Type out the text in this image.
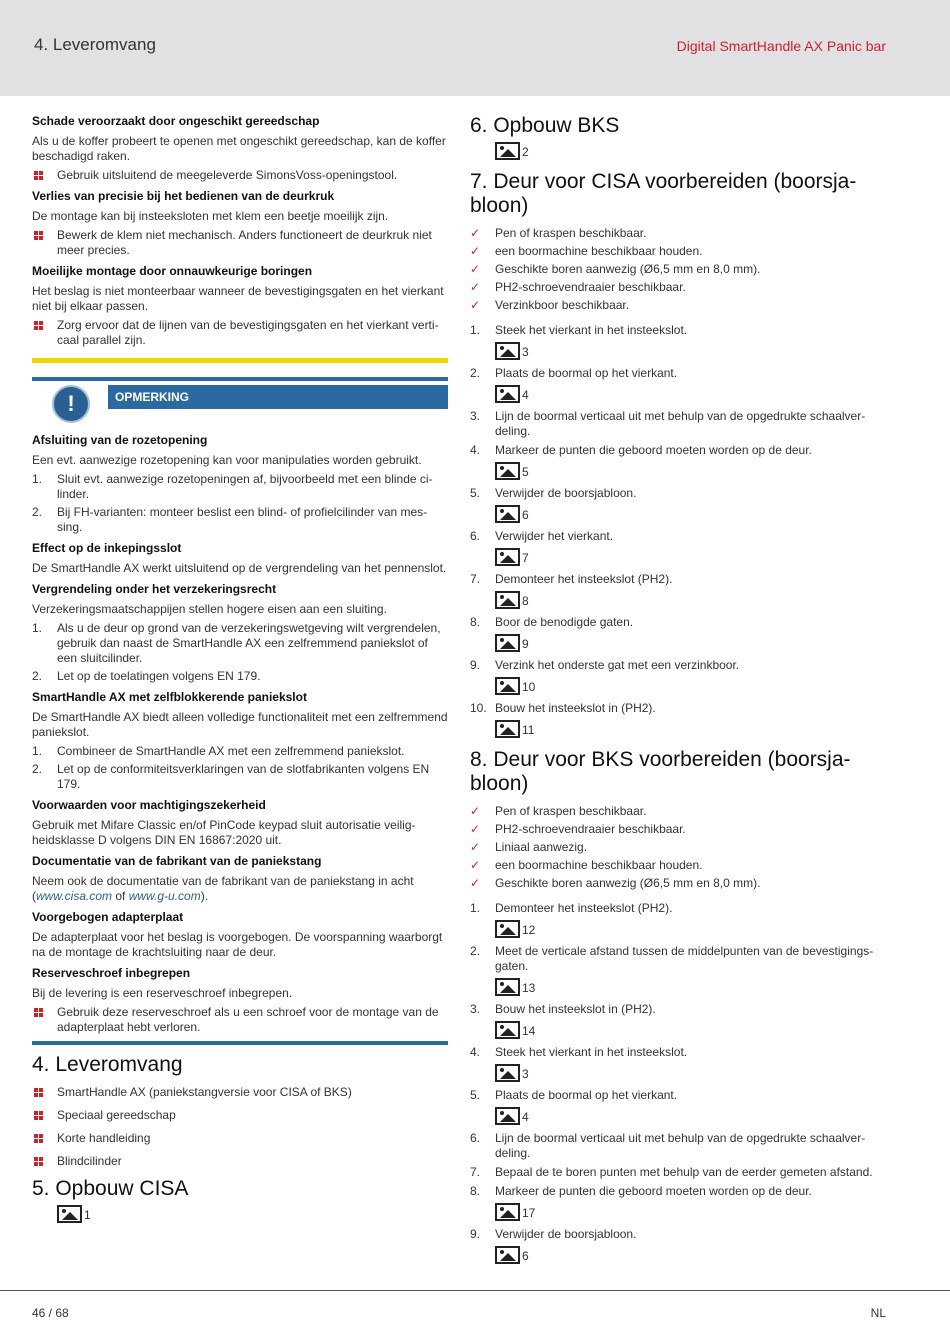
4. Leveromvang	Digital SmartHandle AX Panic bar
Schade veroorzaakt door ongeschikt gereedschap
Als u de koffer probeert te openen met ongeschikt gereedschap, kan de koffer beschadigd raken.
Gebruik uitsluitend de meegeleverde SimonsVoss-openingstool.
Verlies van precisie bij het bedienen van de deurkruk
De montage kan bij insteeksloten met klem een beetje moeilijk zijn.
Bewerk de klem niet mechanisch. Anders functioneert de deurkruk niet meer precies.
Moeilijke montage door onnauwkeurige boringen
Het beslag is niet monteerbaar wanneer de bevestigingsgaten en het vierkant niet bij elkaar passen.
Zorg ervoor dat de lijnen van de bevestigingsgaten en het vierkant verticaal parallel zijn.
!	OPMERKING
Afsluiting van de rozetopening
Een evt. aanwezige rozetopening kan voor manipulaties worden gebruikt.
1. Sluit evt. aanwezige rozetopeningen af, bijvoorbeeld met een blinde cilinder.
2. Bij FH-varianten: monteer beslist een blind- of profielcilinder van messing.
Effect op de inkepingsslot
De SmartHandle AX werkt uitsluitend op de vergrendeling van het pennenslot.
Vergrendeling onder het verzekeringsrecht
Verzekeringsmaatschappijen stellen hogere eisen aan een sluiting.
1. Als u de deur op grond van de verzekeringswetgeving wilt vergrendelen, gebruik dan naast de SmartHandle AX een zelfremmend paniekslot of een sluitcilinder.
2. Let op de toelatingen volgens EN 179.
SmartHandle AX met zelfblokkerende paniekslot
De SmartHandle AX biedt alleen volledige functionaliteit met een zelfremmend paniekslot.
1. Combineer de SmartHandle AX met een zelfremmend paniekslot.
2. Let op de conformiteitsverklaringen van de slotfabrikanten volgens EN 179.
Voorwaarden voor machtigingszekerheid
Gebruik met Mifare Classic en/of PinCode keypad sluit autorisatie veiligheidsklasse D volgens DIN EN 16867:2020 uit.
Documentatie van de fabrikant van de paniekstang
Neem ook de documentatie van de fabrikant van de paniekstang in acht (www.cisa.com of www.g-u.com).
Voorgebogen adapterplaat
De adapterplaat voor het beslag is voorgebogen. De voorspanning waarborgt na de montage de krachtsluiting naar de deur.
Reserveschroef inbegrepen
Bij de levering is een reserveschroef inbegrepen.
Gebruik deze reserveschroef als u een schroef voor de montage van de adapterplaat hebt verloren.
4. Leveromvang
SmartHandle AX (paniekstangversie voor CISA of BKS)
Speciaal gereedschap
Korte handleiding
Blindcilinder
5. Opbouw CISA
1
6. Opbouw BKS
2
7. Deur voor CISA voorbereiden (boorsjabloon)
✓ Pen of kraspen beschikbaar.
✓ een boormachine beschikbaar houden.
✓ Geschikte boren aanwezig (Ø6,5 mm en 8,0 mm).
✓ PH2-schroevendraaier beschikbaar.
✓ Verzinkboor beschikbaar.
1. Steek het vierkant in het insteekslot.
3
2. Plaats de boormal op het vierkant.
4
3. Lijn de boormal verticaal uit met behulp van de opgedrukte schaalverdeling.
4. Markeer de punten die geboord moeten worden op de deur.
5
5. Verwijder de boorsjabloon.
6
6. Verwijder het vierkant.
7
7. Demonteer het insteekslot (PH2).
8
8. Boor de benodigde gaten.
9
9. Verzink het onderste gat met een verzinkboor.
10
10. Bouw het insteekslot in (PH2).
11
8. Deur voor BKS voorbereiden (boorsjabloon)
✓ Pen of kraspen beschikbaar.
✓ PH2-schroevendraaier beschikbaar.
✓ Liniaal aanwezig.
✓ een boormachine beschikbaar houden.
✓ Geschikte boren aanwezig (Ø6,5 mm en 8,0 mm).
1. Demonteer het insteekslot (PH2).
12
2. Meet de verticale afstand tussen de middelpunten van de bevestigingsgaten.
13
3. Bouw het insteekslot in (PH2).
14
4. Steek het vierkant in het insteekslot.
3
5. Plaats de boormal op het vierkant.
4
6. Lijn de boormal verticaal uit met behulp van de opgedrukte schaalverdeling.
7. Bepaal de te boren punten met behulp van de eerder gemeten afstand.
8. Markeer de punten die geboord moeten worden op de deur.
17
9. Verwijder de boorsjabloon.
6
46 / 68	NL
